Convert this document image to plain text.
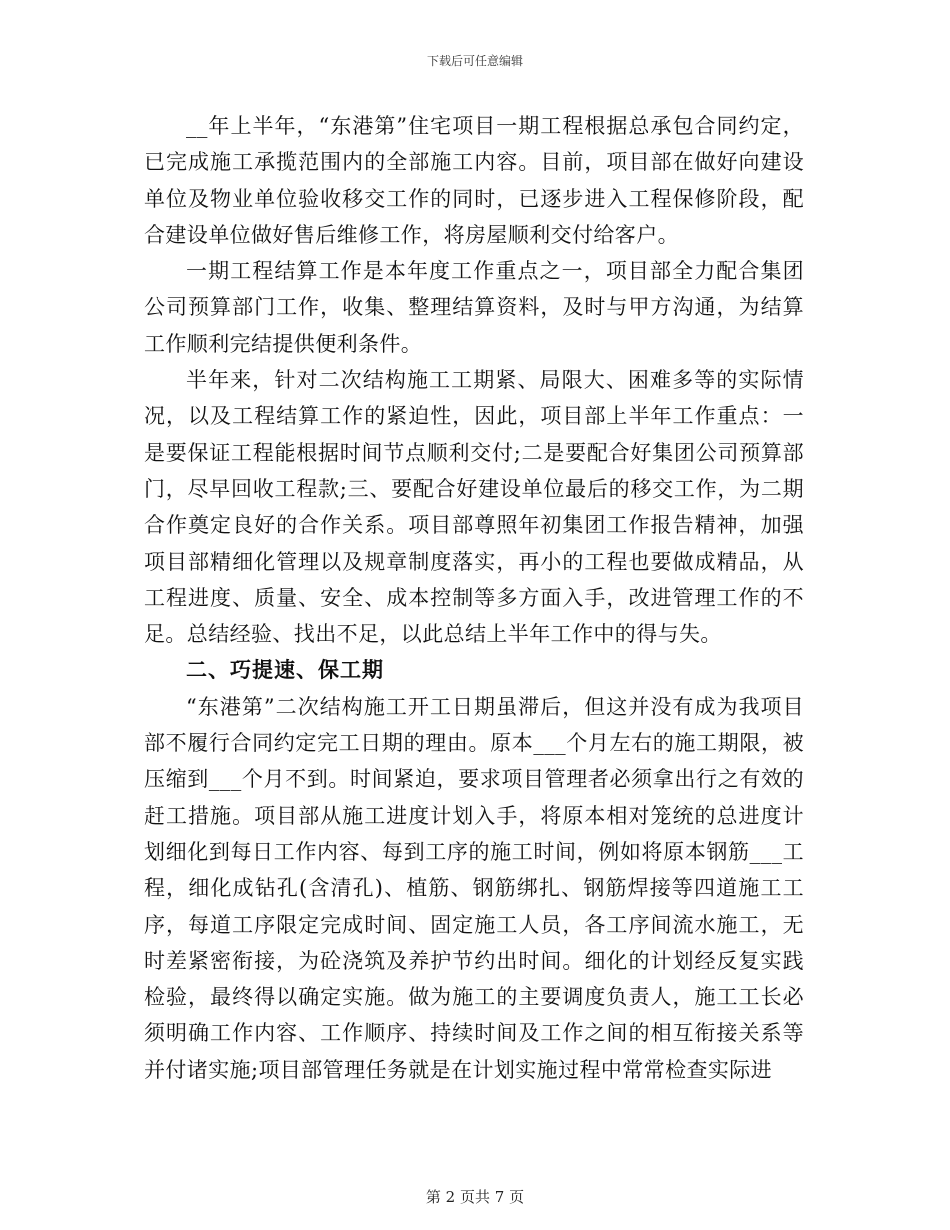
下载后可任意编辑

__年上半年，“东港第”住宅项目一期工程根据总承包合同约定，已完成施工承揽范围内的全部施工内容。目前，项目部在做好向建设单位及物业单位验收移交工作的同时，已逐步进入工程保修阶段，配合建设单位做好售后维修工作，将房屋顺利交付给客户。

一期工程结算工作是本年度工作重点之一，项目部全力配合集团公司预算部门工作，收集、整理结算资料，及时与甲方沟通，为结算工作顺利完结提供便利条件。

半年来，针对二次结构施工工期紧、局限大、困难多等的实际情况，以及工程结算工作的紧迫性，因此，项目部上半年工作重点：一是要保证工程能根据时间节点顺利交付;二是要配合好集团公司预算部门，尽早回收工程款;三、要配合好建设单位最后的移交工作，为二期合作奠定良好的合作关系。项目部尊照年初集团工作报告精神，加强项目部精细化管理以及规章制度落实，再小的工程也要做成精品，从工程进度、质量、安全、成本控制等多方面入手，改进管理工作的不足。总结经验、找出不足，以此总结上半年工作中的得与失。

二、巧提速、保工期

“东港第”二次结构施工开工日期虽滞后，但这并没有成为我项目部不履行合同约定完工日期的理由。原本___个月左右的施工期限，被压缩到___个月不到。时间紧迫，要求项目管理者必须拿出行之有效的赶工措施。项目部从施工进度计划入手，将原本相对笼统的总进度计划细化到每日工作内容、每到工序的施工时间，例如将原本钢筋___工程，细化成钻孔(含清孔)、植筋、钢筋绑扎、钢筋焊接等四道施工工序，每道工序限定完成时间、固定施工人员，各工序间流水施工，无时差紧密衔接，为砼浇筑及养护节约出时间。细化的计划经反复实践检验，最终得以确定实施。做为施工的主要调度负责人，施工工长必须明确工作内容、工作顺序、持续时间及工作之间的相互衔接关系等并付诸实施;项目部管理任务就是在计划实施过程中常常检查实际进

第 2 页共 7 页
